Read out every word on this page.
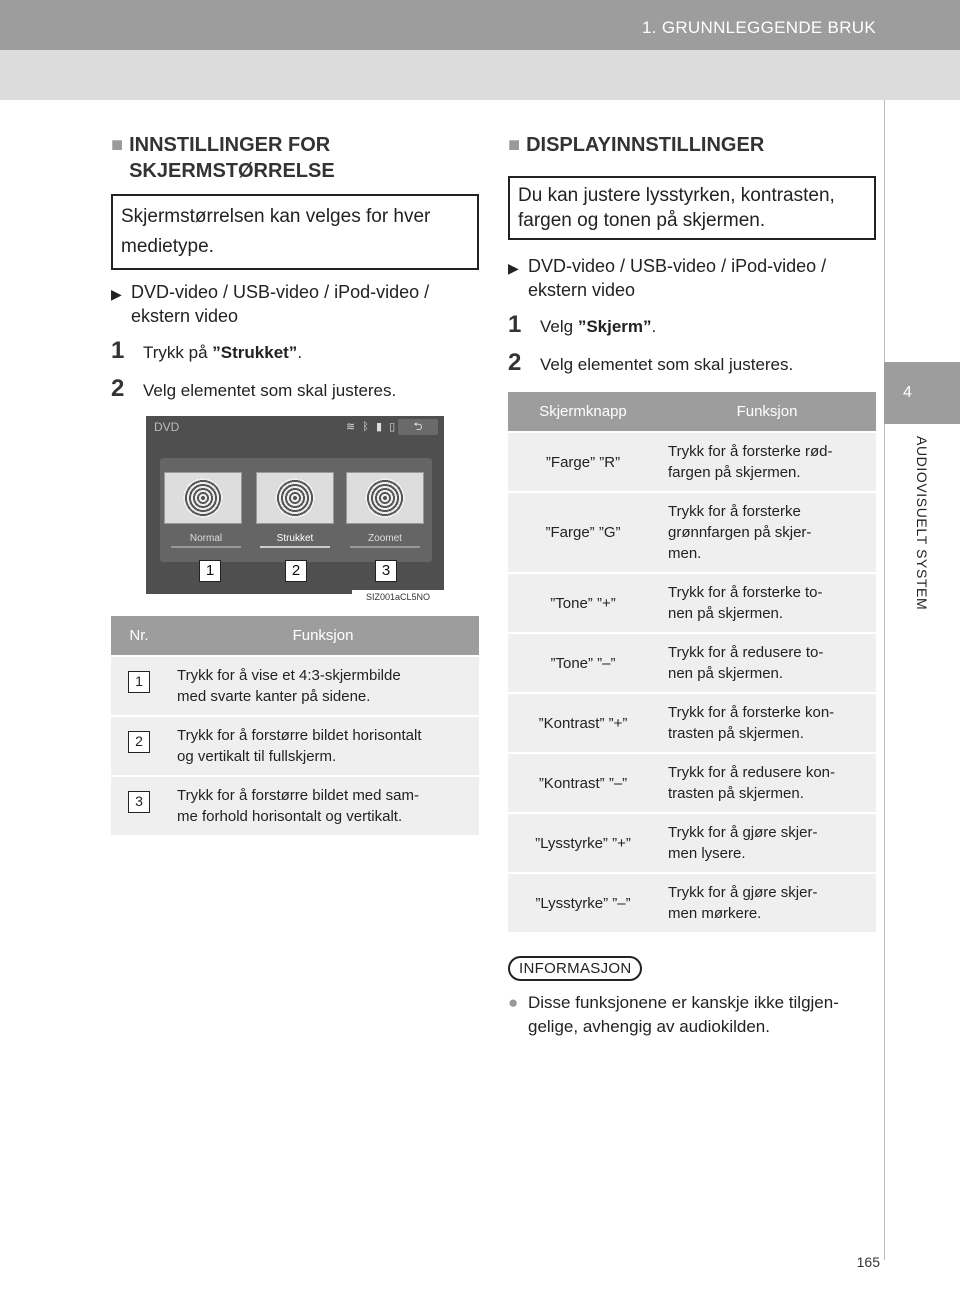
1. GRUNNLEGGENDE BRUK
4
AUDIOVISUELT SYSTEM
■ INNSTILLINGER FOR
SKJERMSTØRRELSE
Skjermstørrelsen kan velges for hver
medietype.
▶ DVD-video / USB-video / iPod-video /
ekstern video
1	Trykk på ”Strukket”.
2	Velg elementet som skal justeres.
DVD	≋ ᛒ ▮ ▯	⮌
Normal	Strukket	Zoomet
1	2	3
SIZ001aCL5NO
Nr.	Funksjon
1	Trykk for å vise et 4:3-skjermbilde
med svarte kanter på sidene.

2	Trykk for å forstørre bildet horisontalt
og vertikalt til fullskjerm.

3	Trykk for å forstørre bildet med sam-
me forhold horisontalt og vertikalt.
■ DISPLAYINNSTILLINGER
Du kan justere lysstyrken, kontrasten,
fargen og tonen på skjermen.
▶ DVD-video / USB-video / iPod-video /
ekstern video
1	Velg ”Skjerm”.
2	Velg elementet som skal justeres.
Skjermknapp	Funksjon
”Farge” ”R”	Trykk for å forsterke rød-
fargen på skjermen.

”Farge” ”G”	Trykk for å forsterke
grønnfargen på skjer-
men.

”Tone” ”+”	Trykk for å forsterke to-
nen på skjermen.

”Tone” ”–”	Trykk for å redusere to-
nen på skjermen.

”Kontrast” ”+”	Trykk for å forsterke kon-
trasten på skjermen.

”Kontrast” ”–”	Trykk for å redusere kon-
trasten på skjermen.

”Lysstyrke” ”+”	Trykk for å gjøre skjer-
men lysere.

”Lysstyrke” ”–”	Trykk for å gjøre skjer-
men mørkere.
INFORMASJON
● Disse funksjonene er kanskje ikke tilgjen-
gelige, avhengig av audiokilden.
165
